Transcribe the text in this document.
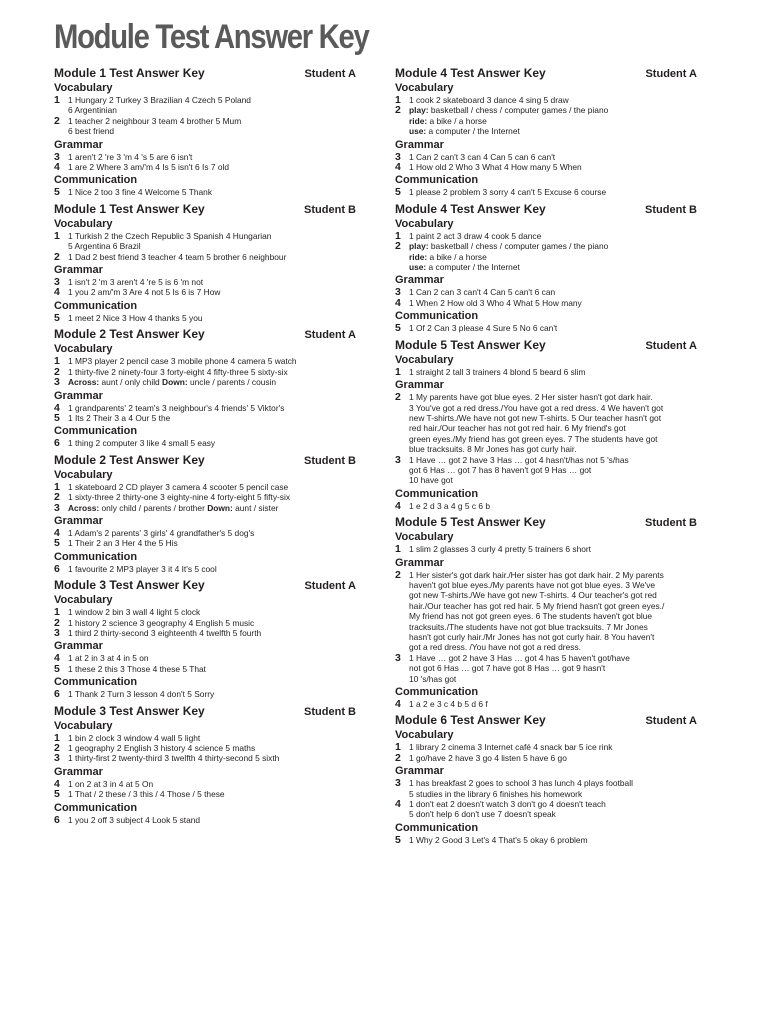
Module Test Answer Key
Module 1 Test Answer Key	Student A
Vocabulary
1 1 Hungary 2 Turkey 3 Brazilian 4 Czech 5 Poland
6 Argentinian
2 1 teacher 2 neighbour 3 team 4 brother 5 Mum
6 best friend
Grammar
3 1 aren't 2 're 3 'm 4 's 5 are 6 isn't
4 1 are 2 Where 3 am/'m 4 Is 5 isn't 6 Is 7 old
Communication
5 1 Nice 2 too 3 fine 4 Welcome 5 Thank
Module 1 Test Answer Key	Student B
Vocabulary
1 1 Turkish 2 the Czech Republic 3 Spanish 4 Hungarian
5 Argentina 6 Brazil
2 1 Dad 2 best friend 3 teacher 4 team 5 brother 6 neighbour
Grammar
3 1 isn't 2 'm 3 aren't 4 're 5 is 6 'm not
4 1 you 2 am/'m 3 Are 4 not 5 Is 6 is 7 How
Communication
5 1 meet 2 Nice 3 How 4 thanks 5 you
Module 2 Test Answer Key	Student A
Vocabulary
1 1 MP3 player 2 pencil case 3 mobile phone 4 camera 5 watch
2 1 thirty-five 2 ninety-four 3 forty-eight 4 fifty-three 5 sixty-six
3 Across: aunt / only child Down: uncle / parents / cousin
Grammar
4 1 grandparents' 2 team's 3 neighbour's 4 friends' 5 Viktor's
5 1 Its 2 Their 3 a 4 Our 5 the
Communication
6 1 thing 2 computer 3 like 4 small 5 easy
Module 2 Test Answer Key	Student B
Vocabulary
1 1 skateboard 2 CD player 3 camera 4 scooter 5 pencil case
2 1 sixty-three 2 thirty-one 3 eighty-nine 4 forty-eight 5 fifty-six
3 Across: only child / parents / brother Down: aunt / sister
Grammar
4 1 Adam's 2 parents' 3 girls' 4 grandfather's 5 dog's
5 1 Their 2 an 3 Her 4 the 5 His
Communication
6 1 favourite 2 MP3 player 3 it 4 It's 5 cool
Module 3 Test Answer Key	Student A
Vocabulary
1 1 window 2 bin 3 wall 4 light 5 clock
2 1 history 2 science 3 geography 4 English 5 music
3 1 third 2 thirty-second 3 eighteenth 4 twelfth 5 fourth
Grammar
4 1 at 2 in 3 at 4 in 5 on
5 1 these 2 this 3 Those 4 these 5 That
Communication
6 1 Thank 2 Turn 3 lesson 4 don't 5 Sorry
Module 3 Test Answer Key	Student B
Vocabulary
1 1 bin 2 clock 3 window 4 wall 5 light
2 1 geography 2 English 3 history 4 science 5 maths
3 1 thirty-first 2 twenty-third 3 twelfth 4 thirty-second 5 sixth
Grammar
4 1 on 2 at 3 in 4 at 5 On
5 1 That / 2 these / 3 this / 4 Those / 5 these
Communication
6 1 you 2 off 3 subject 4 Look 5 stand
Module 4 Test Answer Key	Student A
Vocabulary
1 1 cook 2 skateboard 3 dance 4 sing 5 draw
2 play: basketball / chess / computer games / the piano
ride: a bike / a horse
use: a computer / the Internet
Grammar
3 1 Can 2 can't 3 can 4 Can 5 can 6 can't
4 1 How old 2 Who 3 What 4 How many 5 When
Communication
5 1 please 2 problem 3 sorry 4 can't 5 Excuse 6 course
Module 4 Test Answer Key	Student B
Vocabulary
1 1 paint 2 act 3 draw 4 cook 5 dance
2 play: basketball / chess / computer games / the piano
ride: a bike / a horse
use: a computer / the Internet
Grammar
3 1 Can 2 can 3 can't 4 Can 5 can't 6 can
4 1 When 2 How old 3 Who 4 What 5 How many
Communication
5 1 Of 2 Can 3 please 4 Sure 5 No 6 can't
Module 5 Test Answer Key	Student A
Vocabulary
1 1 straight 2 tall 3 trainers 4 blond 5 beard 6 slim
Grammar
2 1 My parents have got blue eyes. 2 Her sister hasn't got dark hair.
3 You've got a red dress./You have got a red dress. 4 We haven't got
new T-shirts./We have not got new T-shirts. 5 Our teacher hasn't got
red hair./Our teacher has not got red hair. 6 My friend's got
green eyes./My friend has got green eyes. 7 The students have got
blue tracksuits. 8 Mr Jones has got curly hair.
3 1 Have … got 2 have 3 Has … got 4 hasn't/has not 5 's/has
got 6 Has … got 7 has 8 haven't got 9 Has … got
10 have got
Communication
4 1 e 2 d 3 a 4 g 5 c 6 b
Module 5 Test Answer Key	Student B
Vocabulary
1 1 slim 2 glasses 3 curly 4 pretty 5 trainers 6 short
Grammar
2 1 Her sister's got dark hair./Her sister has got dark hair. 2 My parents
haven't got blue eyes./My parents have not got blue eyes. 3 We've
got new T-shirts./We have got new T-shirts. 4 Our teacher's got red
hair./Our teacher has got red hair. 5 My friend hasn't got green eyes./
My friend has not got green eyes. 6 The students haven't got blue
tracksuits./The students have not got blue tracksuits. 7 Mr Jones
hasn't got curly hair./Mr Jones has not got curly hair. 8 You haven't
got a red dress. /You have not got a red dress.
3 1 Have … got 2 have 3 Has … got 4 has 5 haven't got/have
not got 6 Has … got 7 have got 8 Has … got 9 hasn't
10 's/has got
Communication
4 1 a 2 e 3 c 4 b 5 d 6 f
Module 6 Test Answer Key	Student A
Vocabulary
1 1 library 2 cinema 3 Internet café 4 snack bar 5 ice rink
2 1 go/have 2 have 3 go 4 listen 5 have 6 go
Grammar
3 1 has breakfast 2 goes to school 3 has lunch 4 plays football
5 studies in the library 6 finishes his homework
4 1 don't eat 2 doesn't watch 3 don't go 4 doesn't teach
5 don't help 6 don't use 7 doesn't speak
Communication
5 1 Why 2 Good 3 Let's 4 That's 5 okay 6 problem
